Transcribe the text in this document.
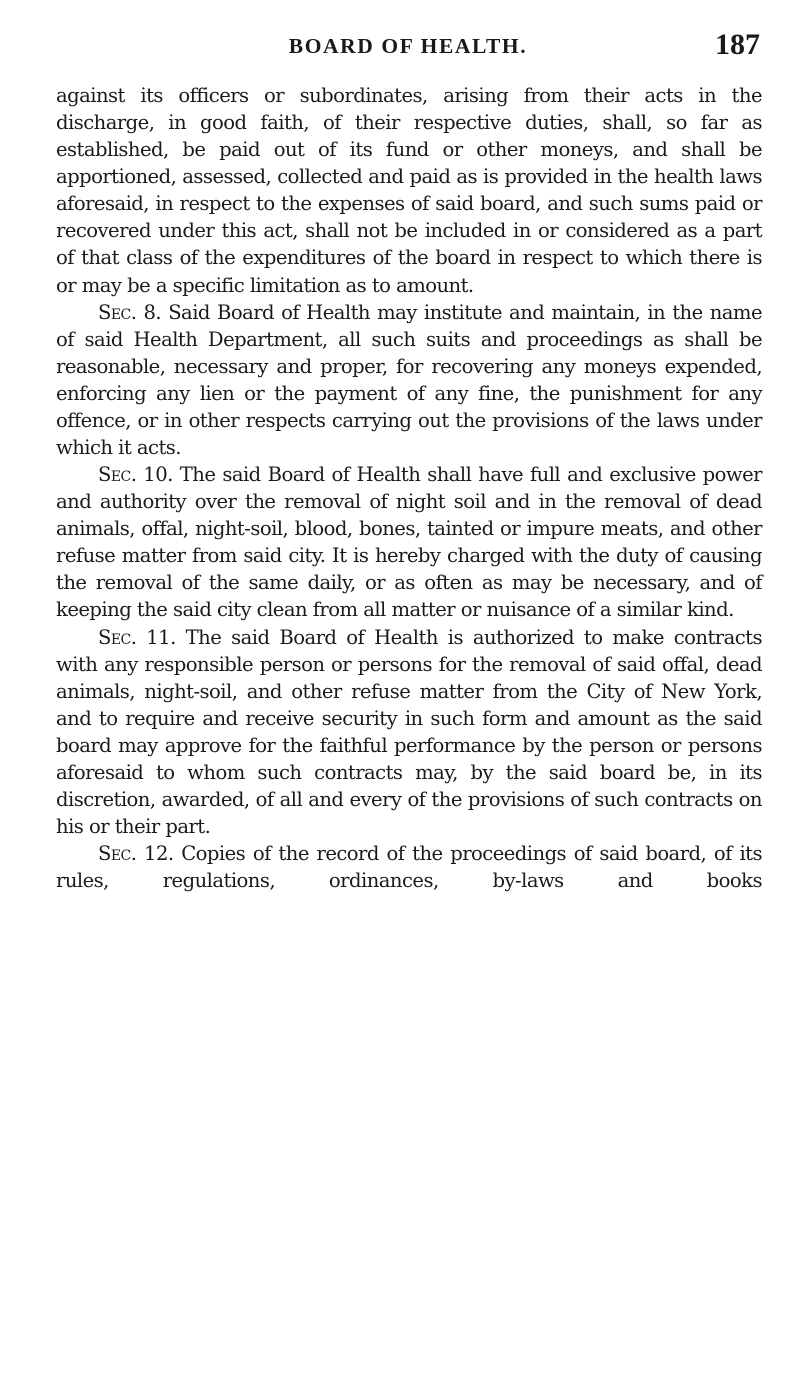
BOARD OF HEALTH.	187

against its officers or subordinates, arising from their acts in the discharge, in good faith, of their respective duties, shall, so far as established, be paid out of its fund or other moneys, and shall be apportioned, assessed, collected and paid as is provided in the health laws aforesaid, in respect to the expenses of said board, and such sums paid or recovered under this act, shall not be included in or considered as a part of that class of the expenditures of the board in respect to which there is or may be a specific limitation as to amount.

Sec. 8. Said Board of Health may institute and maintain, in the name of said Health Department, all such suits and proceedings as shall be reasonable, necessary and proper, for recovering any moneys expended, enforcing any lien or the payment of any fine, the punishment for any offence, or in other respects carrying out the provisions of the laws under which it acts.

Sec. 10. The said Board of Health shall have full and exclusive power and authority over the removal of night soil and in the removal of dead animals, offal, night-soil, blood, bones, tainted or impure meats, and other refuse matter from said city. It is hereby charged with the duty of causing the removal of the same daily, or as often as may be necessary, and of keeping the said city clean from all matter or nuisance of a similar kind.

Sec. 11. The said Board of Health is authorized to make contracts with any responsible person or persons for the removal of said offal, dead animals, night-soil, and other refuse matter from the City of New York, and to require and receive security in such form and amount as the said board may approve for the faithful performance by the person or persons aforesaid to whom such contracts may, by the said board be, in its discretion, awarded, of all and every of the provisions of such contracts on his or their part.

Sec. 12. Copies of the record of the proceedings of said board, of its rules, regulations, ordinances, by-laws and books
